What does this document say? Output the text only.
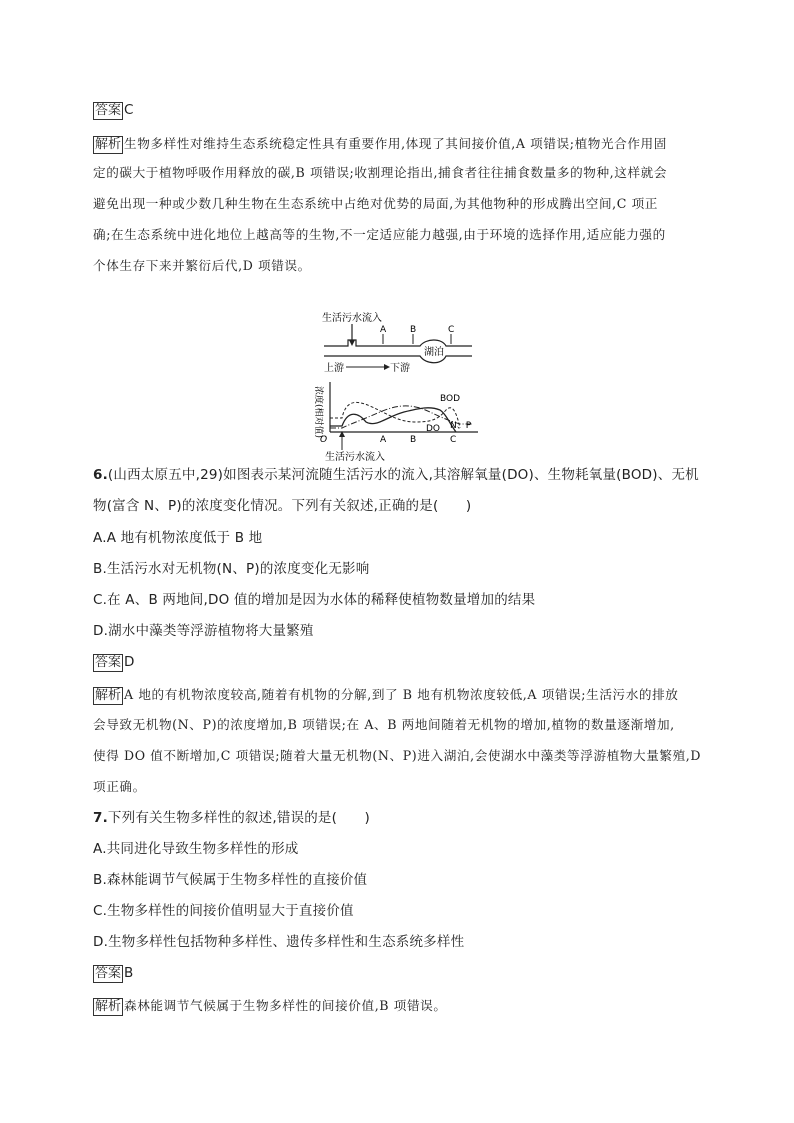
答案 C
解析 生物多样性对维持生态系统稳定性具有重要作用,体现了其间接价值,A 项错误;植物光合作用固
定的碳大于植物呼吸作用释放的碳,B 项错误;收割理论指出,捕食者往往捕食数量多的物种,这样就会
避免出现一种或少数几种生物在生态系统中占绝对优势的局面,为其他物种的形成腾出空间,C 项正
确;在生态系统中进化地位上越高等的生物,不一定适应能力越强,由于环境的选择作用,适应能力强的
个体生存下来并繁衍后代,D 项错误。
生活污水流入
湖泊
A	B	C
上游	下游
浓度(相对值)
O	A	B	C
生活污水流入
BOD
DO N、P
6.(山西太原五中,29)如图表示某河流随生活污水的流入,其溶解氧量(DO)、生物耗氧量(BOD)、无机
物(富含 N、P)的浓度变化情况。下列有关叙述,正确的是(　　)
A.A 地有机物浓度低于 B 地
B.生活污水对无机物(N、P)的浓度变化无影响
C.在 A、B 两地间,DO 值的增加是因为水体的稀释使植物数量增加的结果
D.湖水中藻类等浮游植物将大量繁殖
答案 D
解析 A 地的有机物浓度较高,随着有机物的分解,到了 B 地有机物浓度较低,A 项错误;生活污水的排放
会导致无机物(N、P)的浓度增加,B 项错误;在 A、B 两地间随着无机物的增加,植物的数量逐渐增加,
使得 DO 值不断增加,C 项错误;随着大量无机物(N、P)进入湖泊,会使湖水中藻类等浮游植物大量繁殖,D
项正确。
7.下列有关生物多样性的叙述,错误的是(　　)
A.共同进化导致生物多样性的形成
B.森林能调节气候属于生物多样性的直接价值
C.生物多样性的间接价值明显大于直接价值
D.生物多样性包括物种多样性、遗传多样性和生态系统多样性
答案 B
解析 森林能调节气候属于生物多样性的间接价值,B 项错误。
